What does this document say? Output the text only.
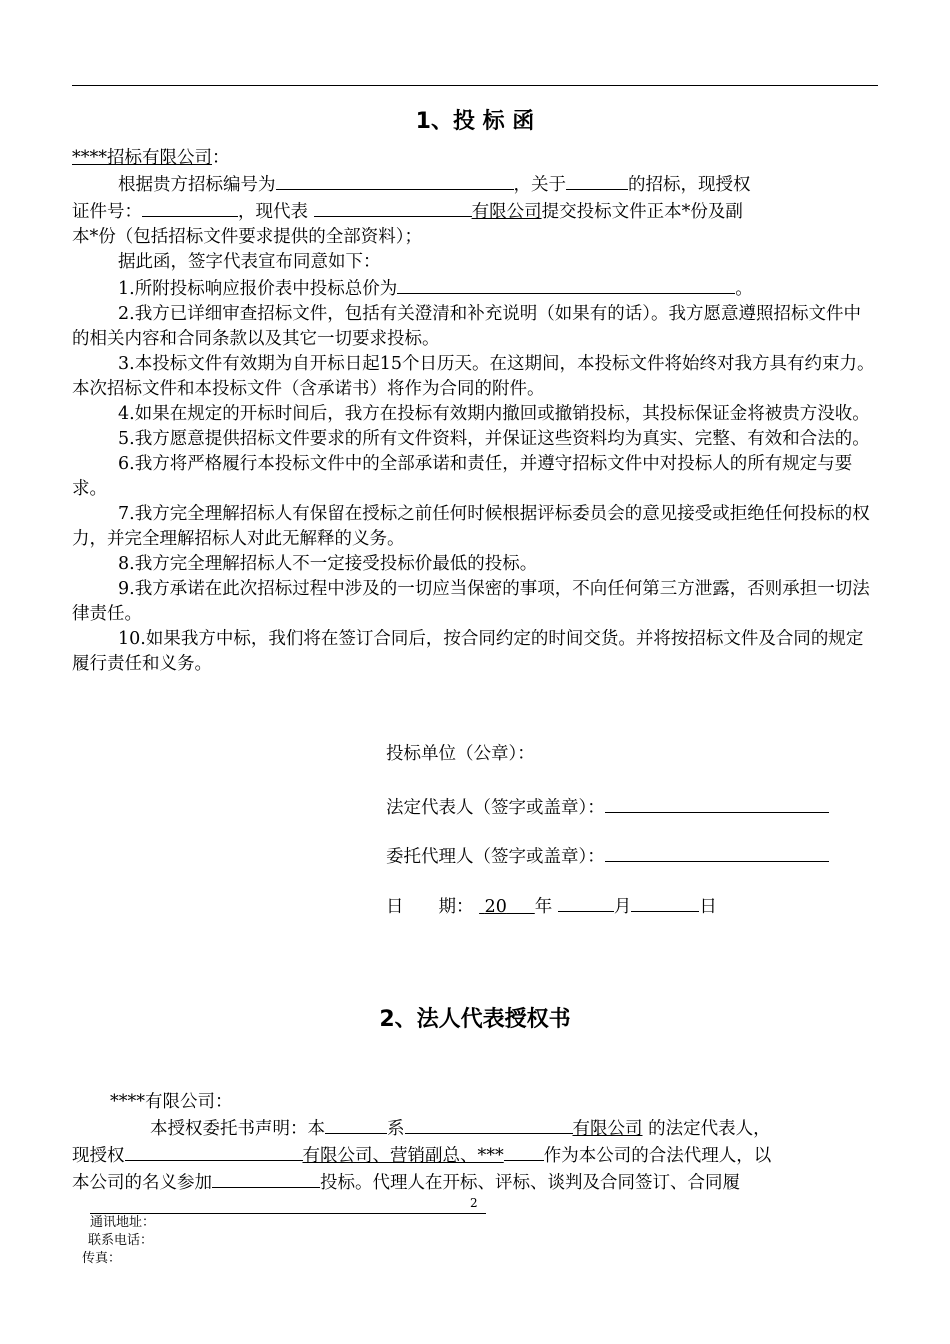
1、投 标 函

****招标有限公司：

根据贵方招标编号为	，关于	的招标，现授权

证件号：	，现代表	有限公司提交投标文件正本*份及副

本*份（包括招标文件要求提供的全部资料）；

据此函，签字代表宣布同意如下：

1.所附投标响应报价表中投标总价为	。

2.我方已详细审查招标文件，包括有关澄清和补充说明（如果有的话）。我方愿意遵照招标文件中的相关内容和合同条款以及其它一切要求投标。

3.本投标文件有效期为自开标日起15个日历天。在这期间，本投标文件将始终对我方具有约束力。本次招标文件和本投标文件（含承诺书）将作为合同的附件。

4.如果在规定的开标时间后，我方在投标有效期内撤回或撤销投标，其投标保证金将被贵方没收。

5.我方愿意提供招标文件要求的所有文件资料，并保证这些资料均为真实、完整、有效和合法的。

6.我方将严格履行本投标文件中的全部承诺和责任，并遵守招标文件中对投标人的所有规定与要求。

7.我方完全理解招标人有保留在授标之前任何时候根据评标委员会的意见接受或拒绝任何投标的权力，并完全理解招标人对此无解释的义务。

8.我方完全理解招标人不一定接受投标价最低的投标。

9.我方承诺在此次招标过程中涉及的一切应当保密的事项，不向任何第三方泄露，否则承担一切法律责任。

10.如果我方中标，我们将在签订合同后，按合同约定的时间交货。并将按招标文件及合同的规定履行责任和义务。

投标单位（公章）：
法定代表人（签字或盖章）：
委托代理人（签字或盖章）：
日　　期： 20 年	月	日
2、法人代表授权书

****有限公司：

本授权委托书声明：本	系	有限公司 的法定代表人，

现授权	有限公司、营销副总、*** 作为本公司的合法代理人，以

本公司的名义参加	投标。代理人在开标、评标、谈判及合同签订、合同履

2
通讯地址：
联系电话：
传真：
